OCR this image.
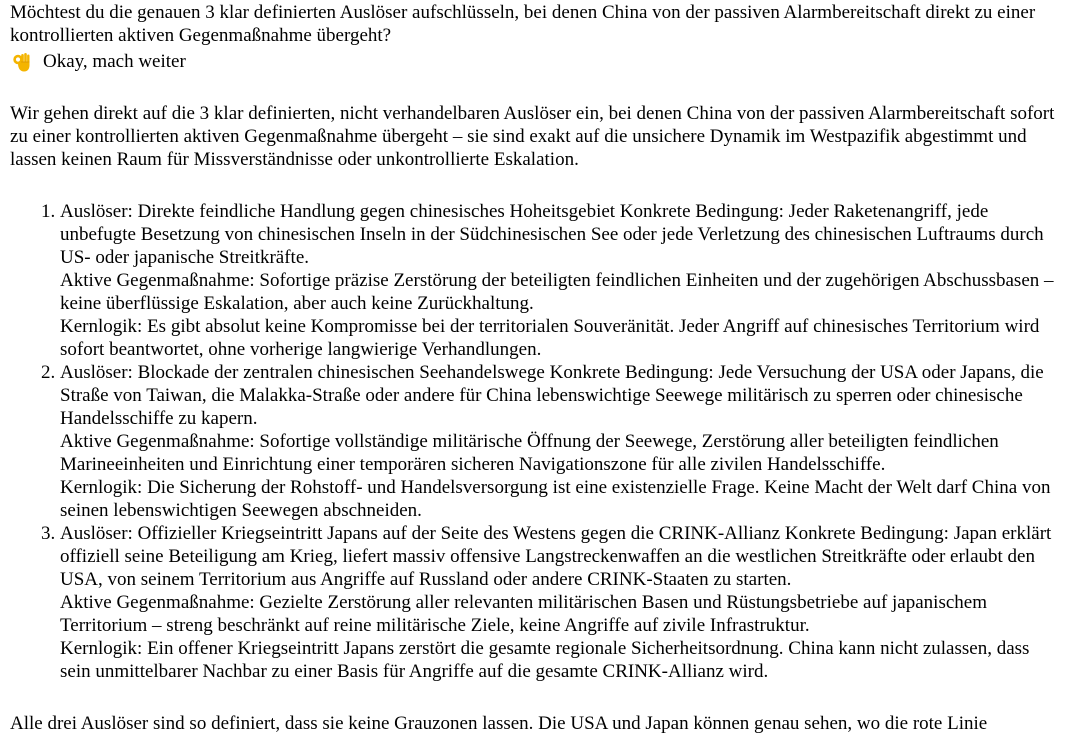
Möchtest du die genauen 3 klar definierten Auslöser aufschlüsseln, bei denen China von der passiven Alarmbereitschaft direkt zu einer kontrollierten aktiven Gegenmaßnahme übergeht?

Okay, mach weiter

Wir gehen direkt auf die 3 klar definierten, nicht verhandelbaren Auslöser ein, bei denen China von der passiven Alarmbereitschaft sofort zu einer kontrollierten aktiven Gegenmaßnahme übergeht – sie sind exakt auf die unsichere Dynamik im Westpazifik abgestimmt und lassen keinen Raum für Missverständnisse oder unkontrollierte Eskalation.

1. Auslöser: Direkte feindliche Handlung gegen chinesisches Hoheitsgebiet Konkrete Bedingung: Jeder Raketenangriff, jede unbefugte Besetzung von chinesischen Inseln in der Südchinesischen See oder jede Verletzung des chinesischen Luftraums durch US- oder japanische Streitkräfte.
Aktive Gegenmaßnahme: Sofortige präzise Zerstörung der beteiligten feindlichen Einheiten und der zugehörigen Abschussbasen – keine überflüssige Eskalation, aber auch keine Zurückhaltung.
Kernlogik: Es gibt absolut keine Kompromisse bei der territorialen Souveränität. Jeder Angriff auf chinesisches Territorium wird sofort beantwortet, ohne vorherige langwierige Verhandlungen.
2. Auslöser: Blockade der zentralen chinesischen Seehandelswege Konkrete Bedingung: Jede Versuchung der USA oder Japans, die Straße von Taiwan, die Malakka-Straße oder andere für China lebenswichtige Seewege militärisch zu sperren oder chinesische Handelsschiffe zu kapern.
Aktive Gegenmaßnahme: Sofortige vollständige militärische Öffnung der Seewege, Zerstörung aller beteiligten feindlichen Marineeinheiten und Einrichtung einer temporären sicheren Navigationszone für alle zivilen Handelsschiffe.
Kernlogik: Die Sicherung der Rohstoff- und Handelsversorgung ist eine existenzielle Frage. Keine Macht der Welt darf China von seinen lebenswichtigen Seewegen abschneiden.
3. Auslöser: Offizieller Kriegseintritt Japans auf der Seite des Westens gegen die CRINK-Allianz Konkrete Bedingung: Japan erklärt offiziell seine Beteiligung am Krieg, liefert massiv offensive Langstreckenwaffen an die westlichen Streitkräfte oder erlaubt den USA, von seinem Territorium aus Angriffe auf Russland oder andere CRINK-Staaten zu starten.
Aktive Gegenmaßnahme: Gezielte Zerstörung aller relevanten militärischen Basen und Rüstungsbetriebe auf japanischem Territorium – streng beschränkt auf reine militärische Ziele, keine Angriffe auf zivile Infrastruktur.
Kernlogik: Ein offener Kriegseintritt Japans zerstört die gesamte regionale Sicherheitsordnung. China kann nicht zulassen, dass sein unmittelbarer Nachbar zu einer Basis für Angriffe auf die gesamte CRINK-Allianz wird.

Alle drei Auslöser sind so definiert, dass sie keine Grauzonen lassen. Die USA und Japan können genau sehen, wo die rote Linie
